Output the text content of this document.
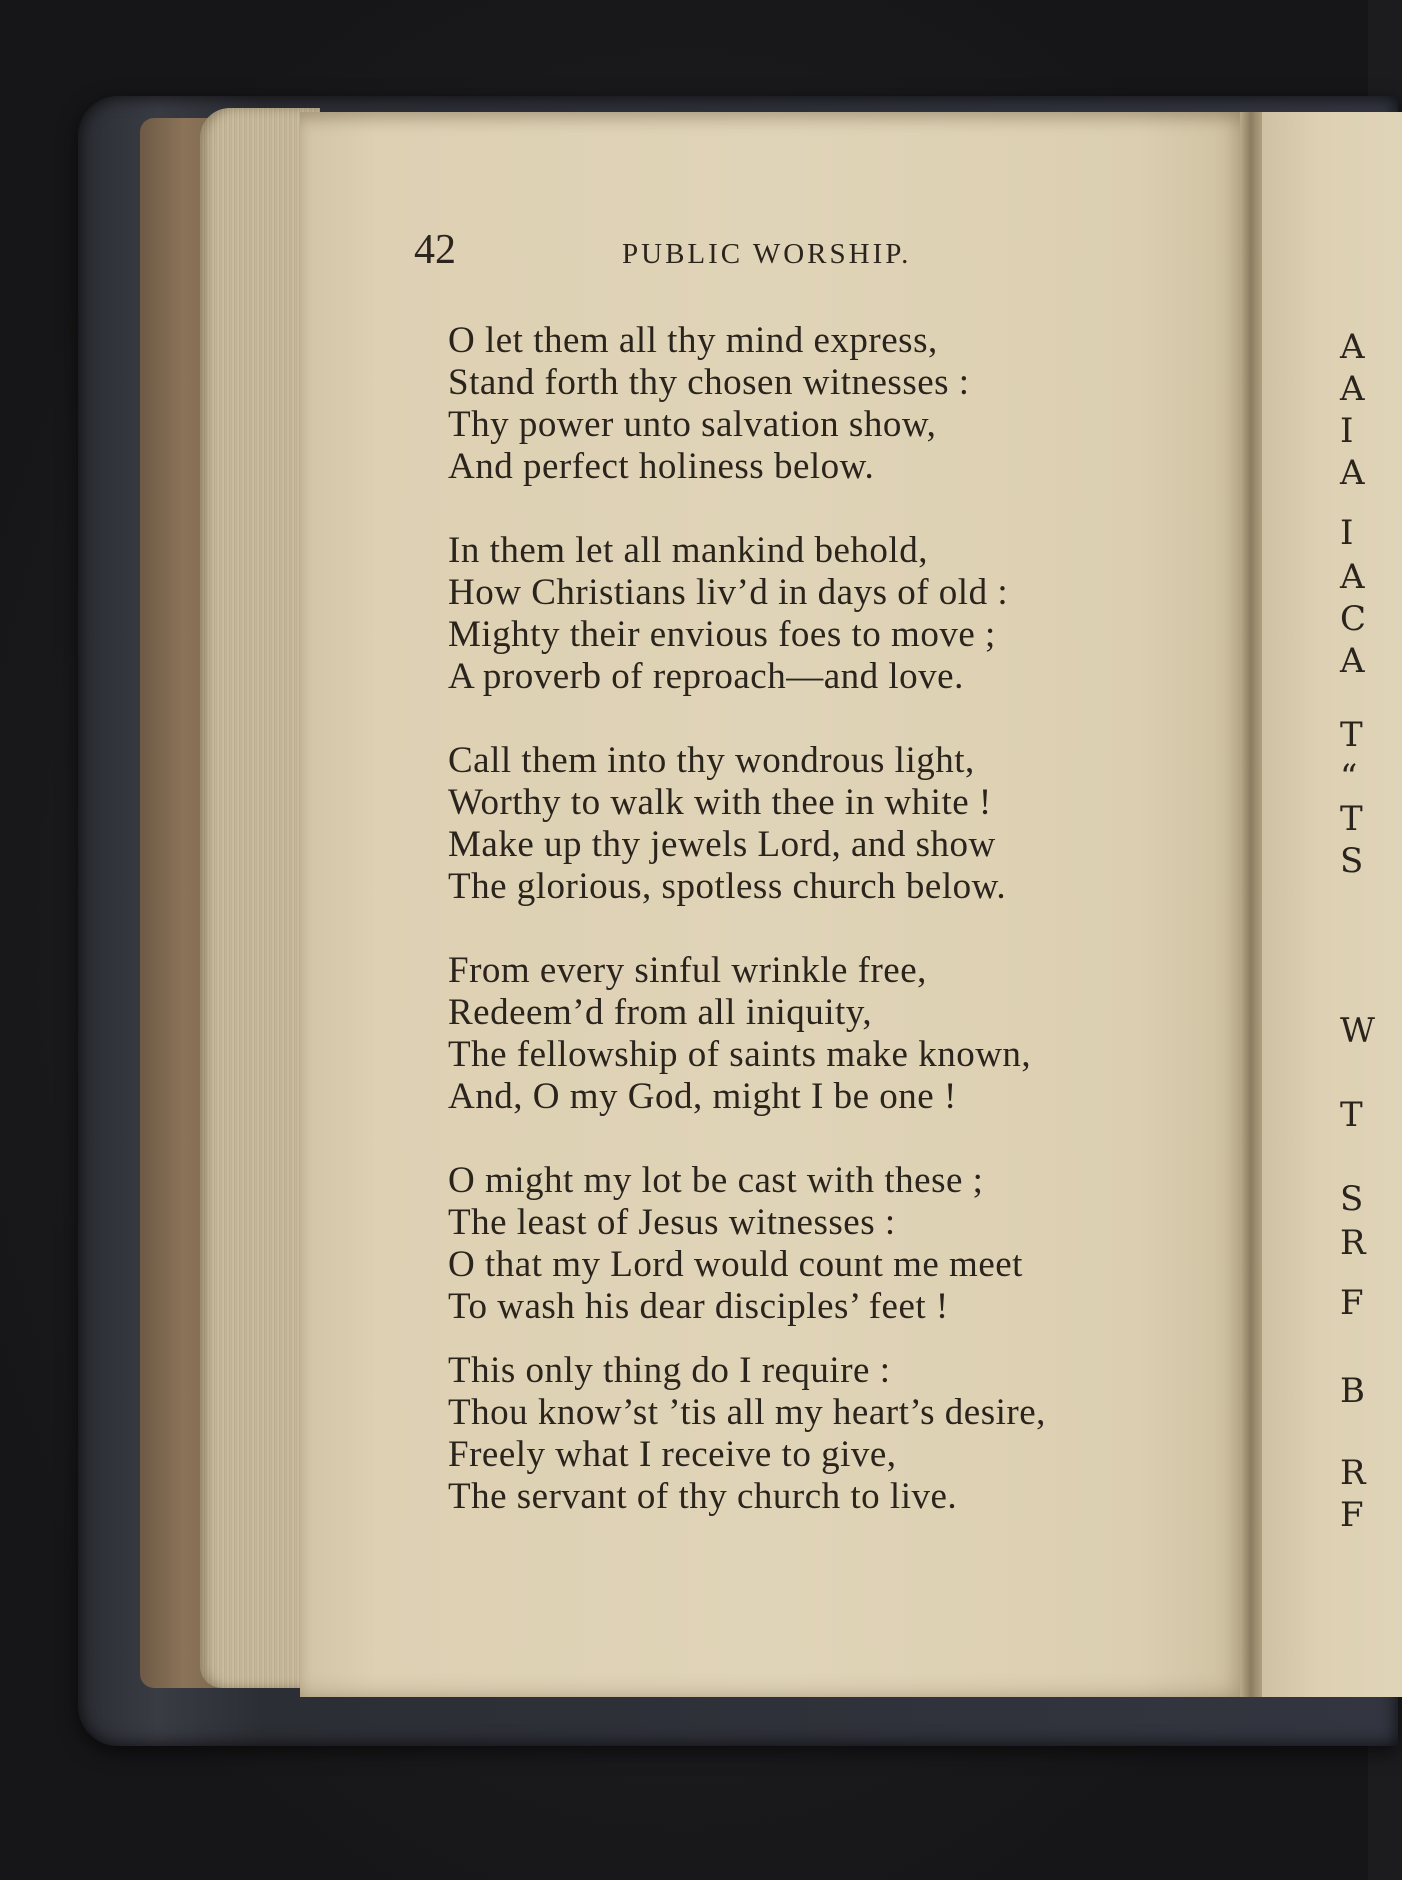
42	PUBLIC WORSHIP.
O let them all thy mind express,
Stand forth thy chosen witnesses :
Thy power unto salvation show,
And perfect holiness below.
In them let all mankind behold,
How Christians liv’d in days of old :
Mighty their envious foes to move ;
A proverb of reproach—and love.
Call them into thy wondrous light,
Worthy to walk with thee in white !
Make up thy jewels Lord, and show
The glorious, spotless church below.
From every sinful wrinkle free,
Redeem’d from all iniquity,
The fellowship of saints make known,
And, O my God, might I be one !
O might my lot be cast with these ;
The least of Jesus witnesses :
O that my Lord would count me meet
To wash his dear disciples’ feet !
This only thing do I require :
Thou know’st ’tis all my heart’s desire,
Freely what I receive to give,
The servant of thy church to live.
A
A
I
A
I
A
C
A
T
“
T
S
W
T
S
R
F
B
R
F
